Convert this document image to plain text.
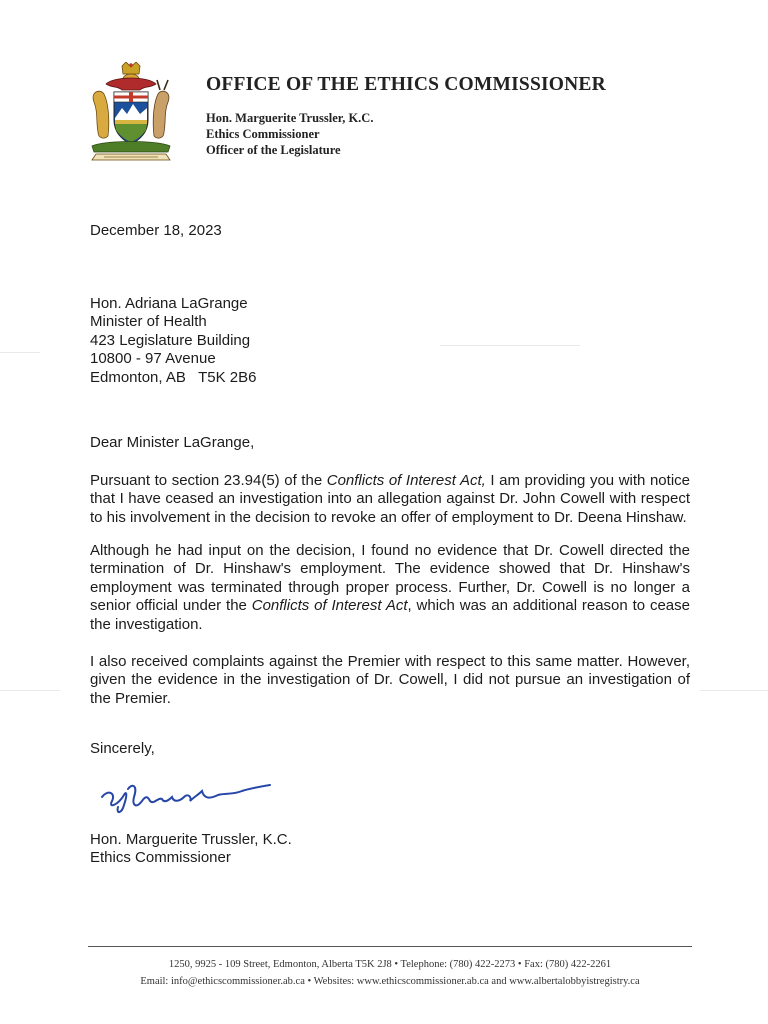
OFFICE OF THE ETHICS COMMISSIONER
Hon. Marguerite Trussler, K.C.
Ethics Commissioner
Officer of the Legislature
December 18, 2023
Hon. Adriana LaGrange
Minister of Health
423 Legislature Building
10800 - 97 Avenue
Edmonton, AB   T5K 2B6
Dear Minister LaGrange,
Pursuant to section 23.94(5) of the Conflicts of Interest Act, I am providing you with notice that I have ceased an investigation into an allegation against Dr. John Cowell with respect to his involvement in the decision to revoke an offer of employment to Dr. Deena Hinshaw.
Although he had input on the decision, I found no evidence that Dr. Cowell directed the termination of Dr. Hinshaw's employment. The evidence showed that Dr. Hinshaw's employment was terminated through proper process. Further, Dr. Cowell is no longer a senior official under the Conflicts of Interest Act, which was an additional reason to cease the investigation.
I also received complaints against the Premier with respect to this same matter. However, given the evidence in the investigation of Dr. Cowell, I did not pursue an investigation of the Premier.
Sincerely,
Hon. Marguerite Trussler, K.C.
Ethics Commissioner
1250, 9925 - 109 Street, Edmonton, Alberta T5K 2J8 • Telephone: (780) 422-2273 • Fax: (780) 422-2261
Email: info@ethicscommissioner.ab.ca • Websites: www.ethicscommissioner.ab.ca and www.albertalobbyistregistry.ca
